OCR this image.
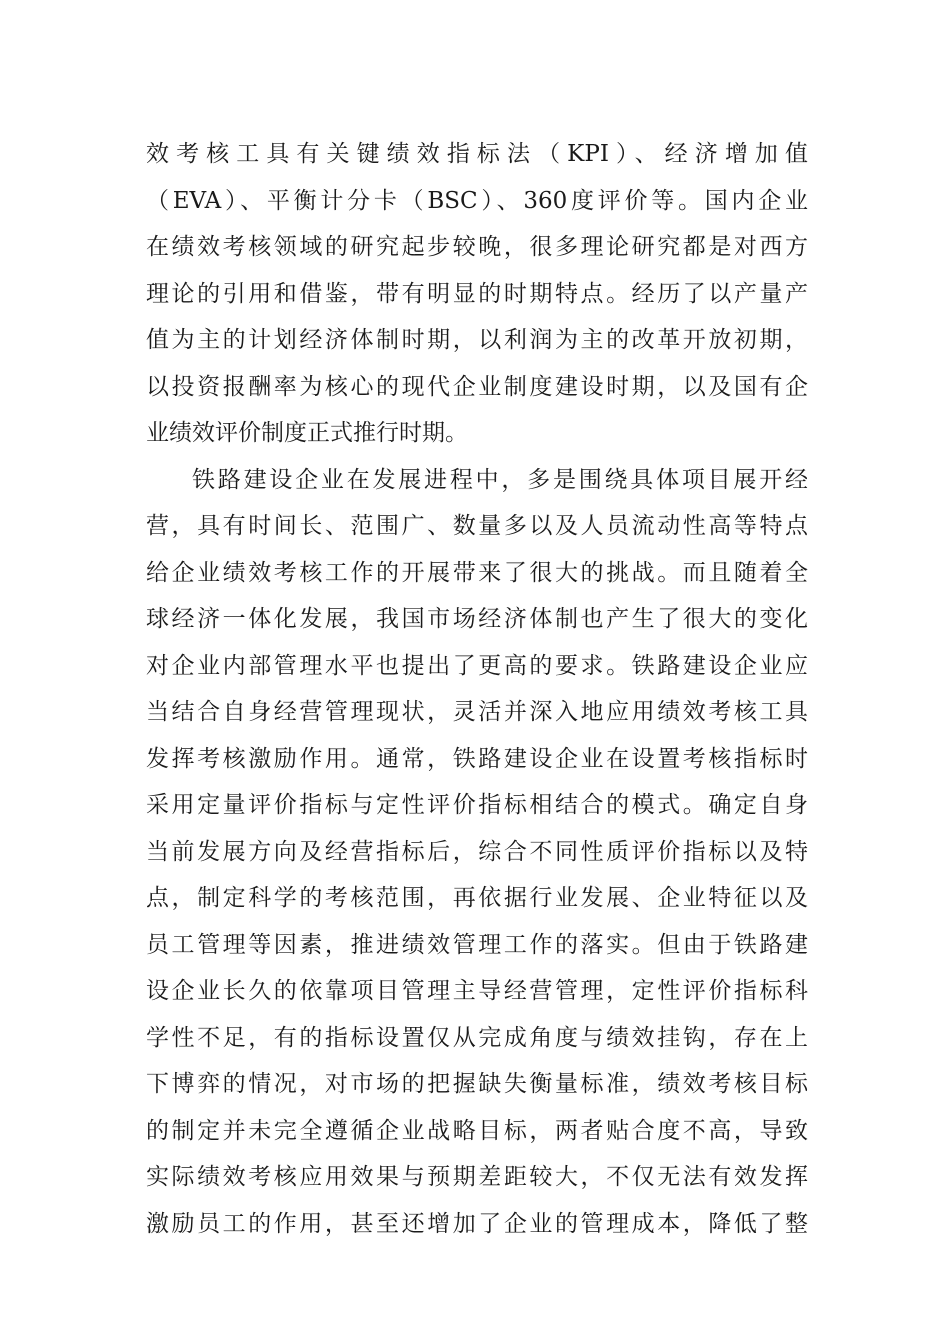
效考核工具有关键绩效指标法（KPI）、经济增加值
（EVA）、平衡计分卡（BSC）、360度评价等。国内企业
在绩效考核领域的研究起步较晚，很多理论研究都是对西方
理论的引用和借鉴，带有明显的时期特点。经历了以产量产
值为主的计划经济体制时期，以利润为主的改革开放初期，
以投资报酬率为核心的现代企业制度建设时期，以及国有企
业绩效评价制度正式推行时期。
铁路建设企业在发展进程中，多是围绕具体项目展开经
营，具有时间长、范围广、数量多以及人员流动性高等特点
给企业绩效考核工作的开展带来了很大的挑战。而且随着全
球经济一体化发展，我国市场经济体制也产生了很大的变化
对企业内部管理水平也提出了更高的要求。铁路建设企业应
当结合自身经营管理现状，灵活并深入地应用绩效考核工具
发挥考核激励作用。通常，铁路建设企业在设置考核指标时
采用定量评价指标与定性评价指标相结合的模式。确定自身
当前发展方向及经营指标后，综合不同性质评价指标以及特
点，制定科学的考核范围，再依据行业发展、企业特征以及
员工管理等因素，推进绩效管理工作的落实。但由于铁路建
设企业长久的依靠项目管理主导经营管理，定性评价指标科
学性不足，有的指标设置仅从完成角度与绩效挂钩，存在上
下博弈的情况，对市场的把握缺失衡量标准，绩效考核目标
的制定并未完全遵循企业战略目标，两者贴合度不高，导致
实际绩效考核应用效果与预期差距较大，不仅无法有效发挥
激励员工的作用，甚至还增加了企业的管理成本，降低了整
